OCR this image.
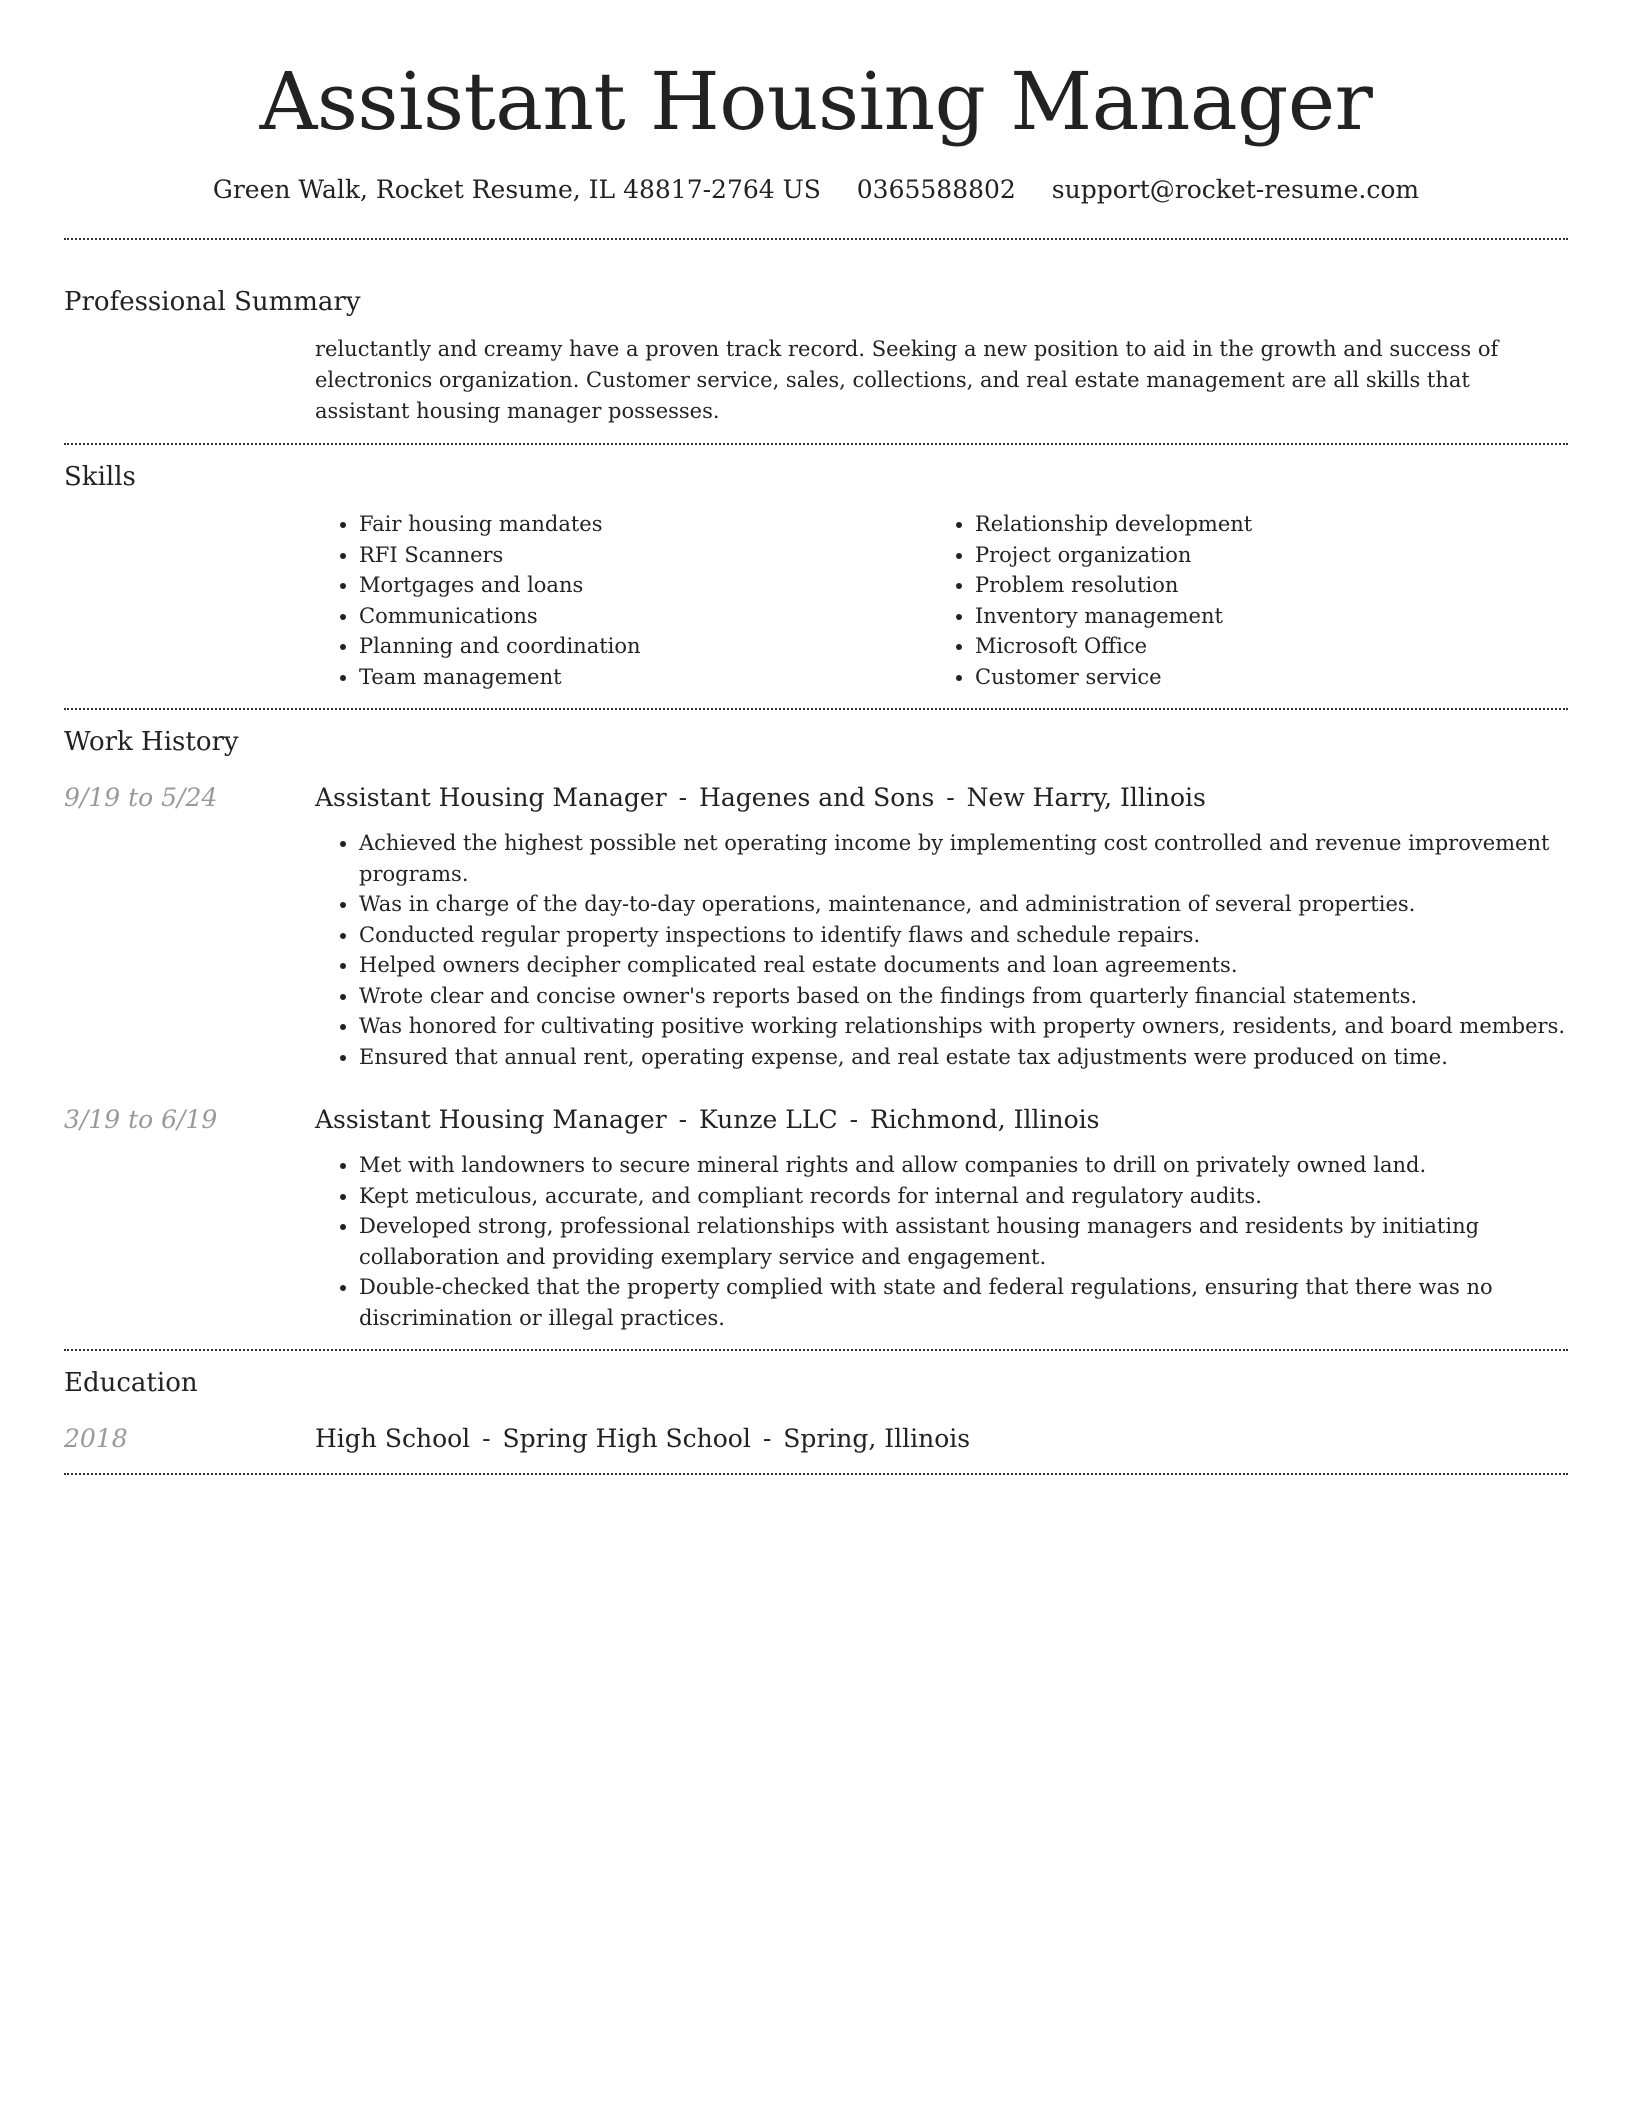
Assistant Housing Manager
Green Walk, Rocket Resume, IL 48817-2764 US 0365588802 support@rocket-resume.com
Professional Summary
reluctantly and creamy have a proven track record. Seeking a new position to aid in the growth and success of electronics organization. Customer service, sales, collections, and real estate management are all skills that assistant housing manager possesses.
Skills
• Fair housing mandates
• RFI Scanners
• Mortgages and loans
• Communications
• Planning and coordination
• Team management
• Relationship development
• Project organization
• Problem resolution
• Inventory management
• Microsoft Office
• Customer service
Work History
9/19 to 5/24	Assistant Housing Manager - Hagenes and Sons - New Harry, Illinois
• Achieved the highest possible net operating income by implementing cost controlled and revenue improvement programs.
• Was in charge of the day-to-day operations, maintenance, and administration of several properties.
• Conducted regular property inspections to identify flaws and schedule repairs.
• Helped owners decipher complicated real estate documents and loan agreements.
• Wrote clear and concise owner's reports based on the findings from quarterly financial statements.
• Was honored for cultivating positive working relationships with property owners, residents, and board members.
• Ensured that annual rent, operating expense, and real estate tax adjustments were produced on time.
3/19 to 6/19	Assistant Housing Manager - Kunze LLC - Richmond, Illinois
• Met with landowners to secure mineral rights and allow companies to drill on privately owned land.
• Kept meticulous, accurate, and compliant records for internal and regulatory audits.
• Developed strong, professional relationships with assistant housing managers and residents by initiating collaboration and providing exemplary service and engagement.
• Double-checked that the property complied with state and federal regulations, ensuring that there was no discrimination or illegal practices.
Education
2018	High School - Spring High School - Spring, Illinois
